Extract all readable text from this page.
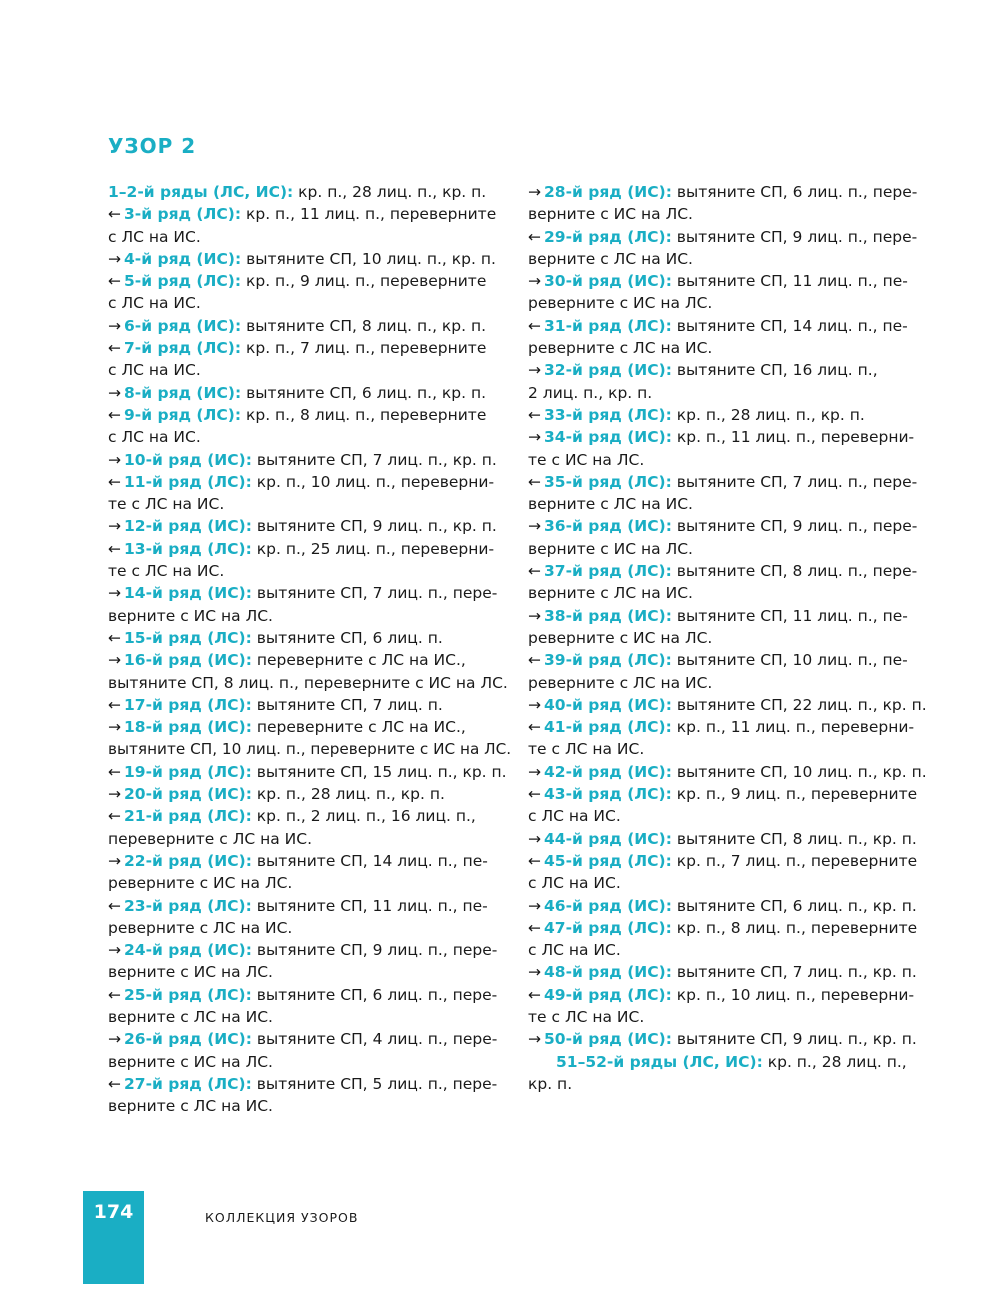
УЗОР 2
1–2-й ряды (ЛС, ИС): кр. п., 28 лиц. п., кр. п.
← 3-й ряд (ЛС): кр. п., 11 лиц. п., переверните
с ЛС на ИС.
→ 4-й ряд (ИС): вытяните СП, 10 лиц. п., кр. п.
← 5-й ряд (ЛС): кр. п., 9 лиц. п., переверните
с ЛС на ИС.
→ 6-й ряд (ИС): вытяните СП, 8 лиц. п., кр. п.
← 7-й ряд (ЛС): кр. п., 7 лиц. п., переверните
с ЛС на ИС.
→ 8-й ряд (ИС): вытяните СП, 6 лиц. п., кр. п.
← 9-й ряд (ЛС): кр. п., 8 лиц. п., переверните
с ЛС на ИС.
→ 10-й ряд (ИС): вытяните СП, 7 лиц. п., кр. п.
← 11-й ряд (ЛС): кр. п., 10 лиц. п., переверни-
те с ЛС на ИС.
→ 12-й ряд (ИС): вытяните СП, 9 лиц. п., кр. п.
← 13-й ряд (ЛС): кр. п., 25 лиц. п., переверни-
те с ЛС на ИС.
→ 14-й ряд (ИС): вытяните СП, 7 лиц. п., пере-
верните с ИС на ЛС.
← 15-й ряд (ЛС): вытяните СП, 6 лиц. п.
→ 16-й ряд (ИС): переверните с ЛС на ИС.,
вытяните СП, 8 лиц. п., переверните с ИС на ЛС.
← 17-й ряд (ЛС): вытяните СП, 7 лиц. п.
→ 18-й ряд (ИС): переверните с ЛС на ИС.,
вытяните СП, 10 лиц. п., переверните с ИС на ЛС.
← 19-й ряд (ЛС): вытяните СП, 15 лиц. п., кр. п.
→ 20-й ряд (ИС): кр. п., 28 лиц. п., кр. п.
← 21-й ряд (ЛС): кр. п., 2 лиц. п., 16 лиц. п.,
переверните с ЛС на ИС.
→ 22-й ряд (ИС): вытяните СП, 14 лиц. п., пе-
реверните с ИС на ЛС.
← 23-й ряд (ЛС): вытяните СП, 11 лиц. п., пе-
реверните с ЛС на ИС.
→ 24-й ряд (ИС): вытяните СП, 9 лиц. п., пере-
верните с ИС на ЛС.
← 25-й ряд (ЛС): вытяните СП, 6 лиц. п., пере-
верните с ЛС на ИС.
→ 26-й ряд (ИС): вытяните СП, 4 лиц. п., пере-
верните с ИС на ЛС.
← 27-й ряд (ЛС): вытяните СП, 5 лиц. п., пере-
верните с ЛС на ИС.
→ 28-й ряд (ИС): вытяните СП, 6 лиц. п., пере-
верните с ИС на ЛС.
← 29-й ряд (ЛС): вытяните СП, 9 лиц. п., пере-
верните с ЛС на ИС.
→ 30-й ряд (ИС): вытяните СП, 11 лиц. п., пе-
реверните с ИС на ЛС.
← 31-й ряд (ЛС): вытяните СП, 14 лиц. п., пе-
реверните с ЛС на ИС.
→ 32-й ряд (ИС): вытяните СП, 16 лиц. п.,
2 лиц. п., кр. п.
← 33-й ряд (ЛС): кр. п., 28 лиц. п., кр. п.
→ 34-й ряд (ИС): кр. п., 11 лиц. п., переверни-
те с ИС на ЛС.
← 35-й ряд (ЛС): вытяните СП, 7 лиц. п., пере-
верните с ЛС на ИС.
→ 36-й ряд (ИС): вытяните СП, 9 лиц. п., пере-
верните с ИС на ЛС.
← 37-й ряд (ЛС): вытяните СП, 8 лиц. п., пере-
верните с ЛС на ИС.
→ 38-й ряд (ИС): вытяните СП, 11 лиц. п., пе-
реверните с ИС на ЛС.
← 39-й ряд (ЛС): вытяните СП, 10 лиц. п., пе-
реверните с ЛС на ИС.
→ 40-й ряд (ИС): вытяните СП, 22 лиц. п., кр. п.
← 41-й ряд (ЛС): кр. п., 11 лиц. п., переверни-
те с ЛС на ИС.
→ 42-й ряд (ИС): вытяните СП, 10 лиц. п., кр. п.
← 43-й ряд (ЛС): кр. п., 9 лиц. п., переверните
с ЛС на ИС.
→ 44-й ряд (ИС): вытяните СП, 8 лиц. п., кр. п.
← 45-й ряд (ЛС): кр. п., 7 лиц. п., переверните
с ЛС на ИС.
→ 46-й ряд (ИС): вытяните СП, 6 лиц. п., кр. п.
← 47-й ряд (ЛС): кр. п., 8 лиц. п., переверните
с ЛС на ИС.
→ 48-й ряд (ИС): вытяните СП, 7 лиц. п., кр. п.
← 49-й ряд (ЛС): кр. п., 10 лиц. п., переверни-
те с ЛС на ИС.
→ 50-й ряд (ИС): вытяните СП, 9 лиц. п., кр. п.
51–52-й ряды (ЛС, ИС): кр. п., 28 лиц. п.,
кр. п.
174	КОЛЛЕКЦИЯ УЗОРОВ
